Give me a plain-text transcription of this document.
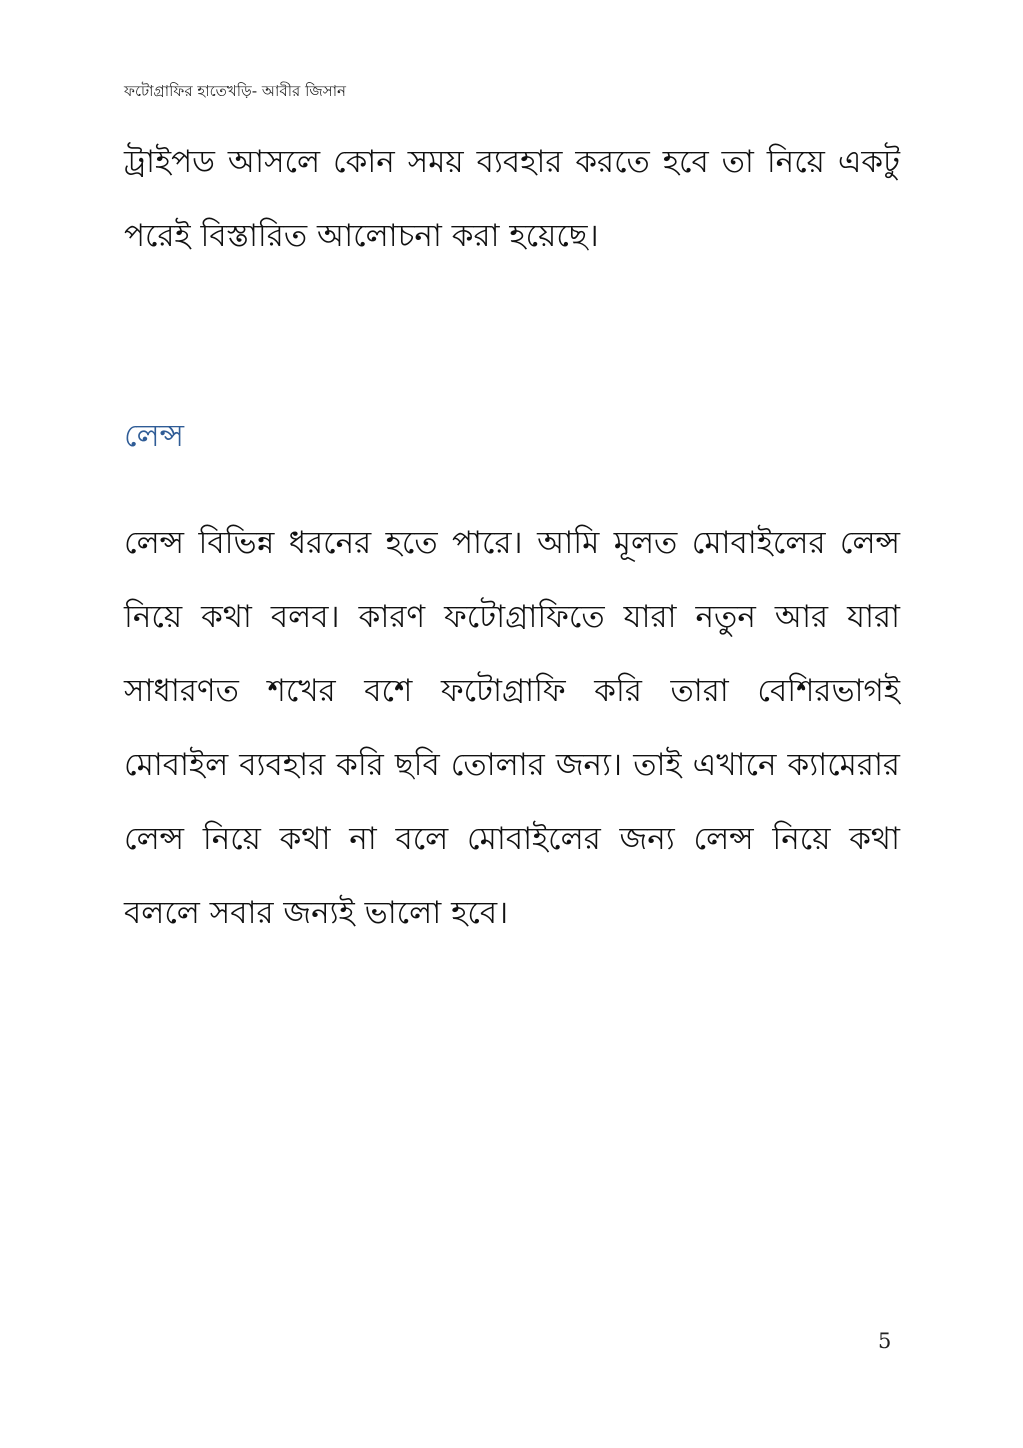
ফটোগ্রাফির হাতেখড়ি- আবীর জিসান

ট্রাইপড আসলে কোন সময় ব্যবহার করতে হবে তা নিয়ে একটু পরেই বিস্তারিত আলোচনা করা হয়েছে।

লেন্স

লেন্স বিভিন্ন ধরনের হতে পারে। আমি মূলত মোবাইলের লেন্স নিয়ে কথা বলব। কারণ ফটোগ্রাফিতে যারা নতুন আর যারা সাধারণত শখের বশে ফটোগ্রাফি করি তারা বেশিরভাগই মোবাইল ব্যবহার করি ছবি তোলার জন্য। তাই এখানে ক্যামেরার লেন্স নিয়ে কথা না বলে মোবাইলের জন্য লেন্স নিয়ে কথা বললে সবার জন্যই ভালো হবে।

5
